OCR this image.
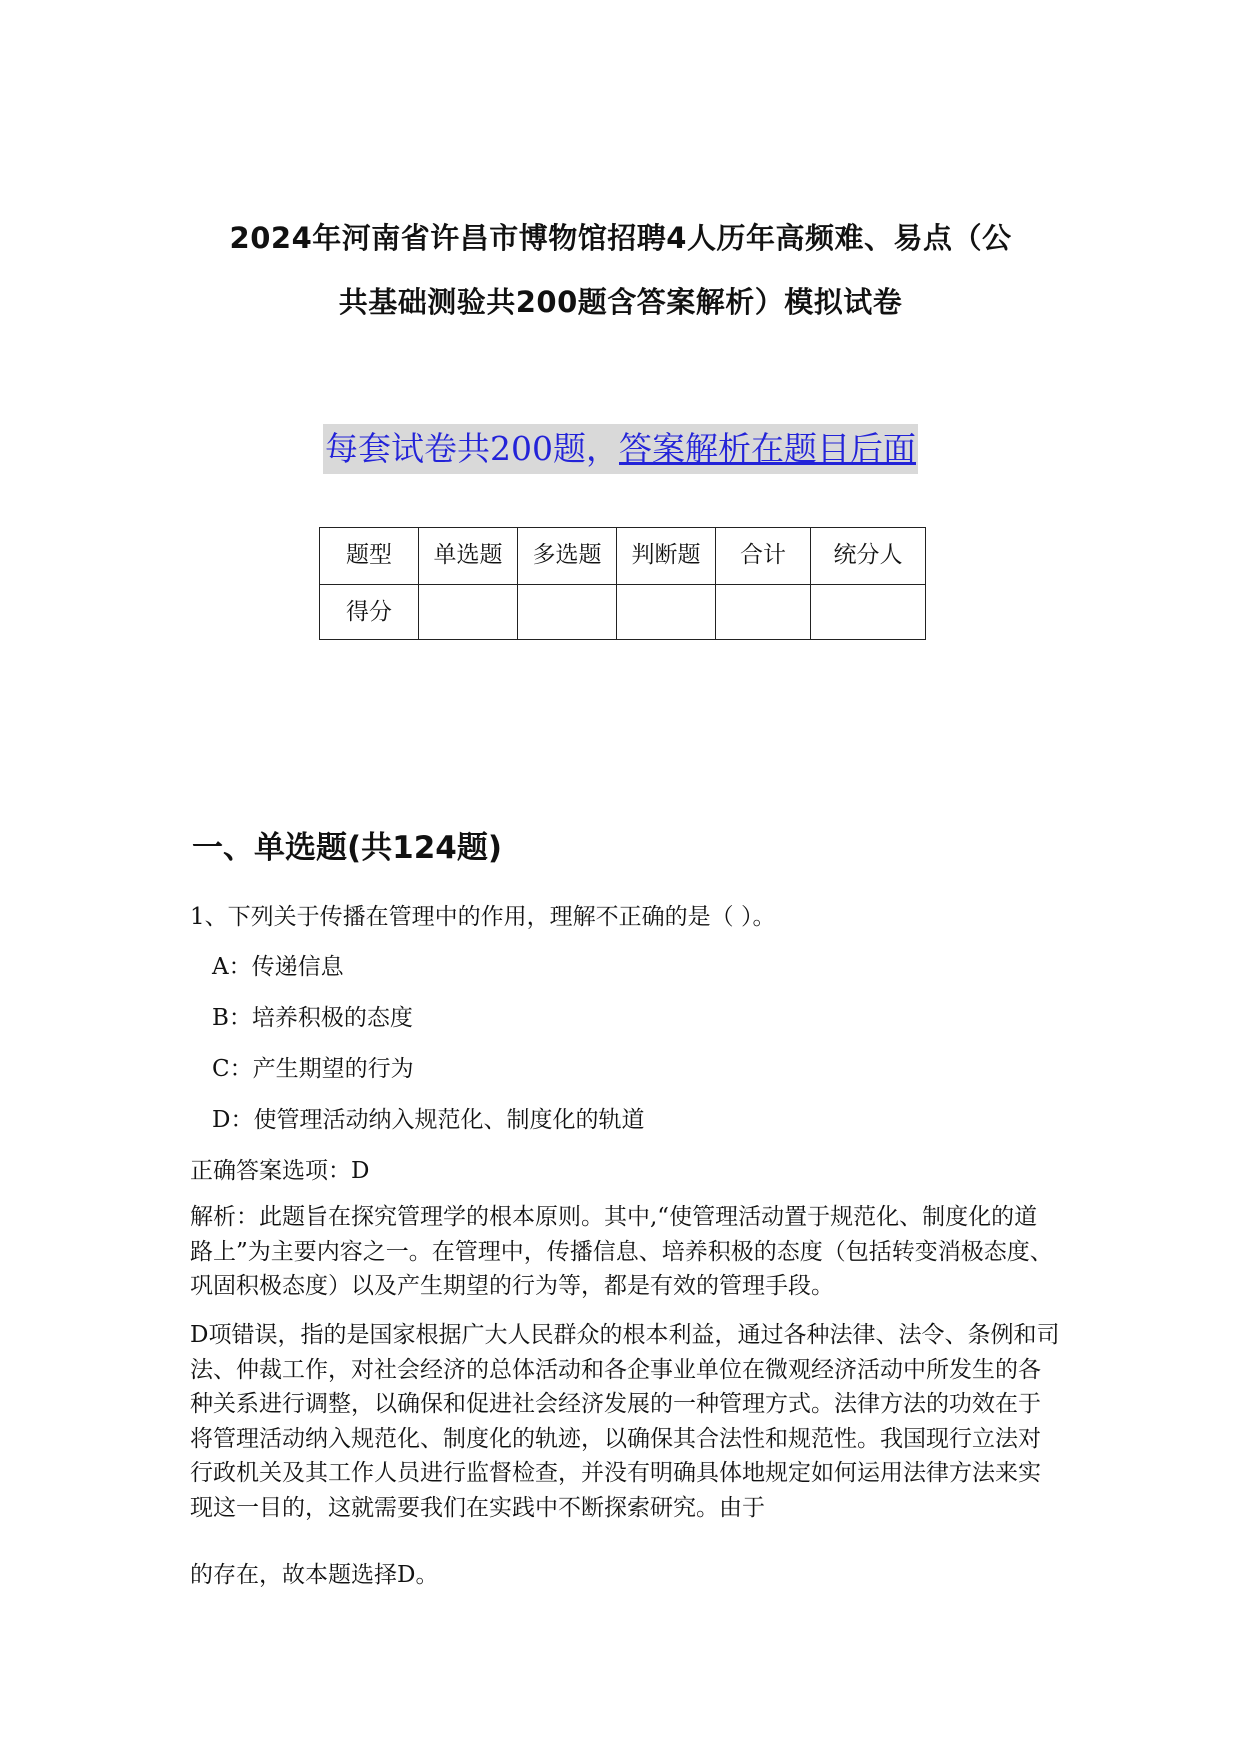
2024年河南省许昌市博物馆招聘4人历年高频难、易点（公
共基础测验共200题含答案解析）模拟试卷
每套试卷共200题，答案解析在题目后面
题型	单选题	多选题	判断题	合计	统分人
得分					
一、单选题(共124题)
1、下列关于传播在管理中的作用，理解不正确的是（ ）。
A：传递信息
B：培养积极的态度
C：产生期望的行为
D：使管理活动纳入规范化、制度化的轨道
正确答案选项：D
解析：此题旨在探究管理学的根本原则。其中,“使管理活动置于规范化、制度化的道路上”为主要内容之一。在管理中，传播信息、培养积极的态度（包括转变消极态度、巩固积极态度）以及产生期望的行为等，都是有效的管理手段。
D项错误，指的是国家根据广大人民群众的根本利益，通过各种法律、法令、条例和司法、仲裁工作，对社会经济的总体活动和各企事业单位在微观经济活动中所发生的各种关系进行调整，以确保和促进社会经济发展的一种管理方式。法律方法的功效在于将管理活动纳入规范化、制度化的轨迹，以确保其合法性和规范性。我国现行立法对行政机关及其工作人员进行监督检查，并没有明确具体地规定如何运用法律方法来实现这一目的，这就需要我们在实践中不断探索研究。由于
的存在，故本题选择D。
